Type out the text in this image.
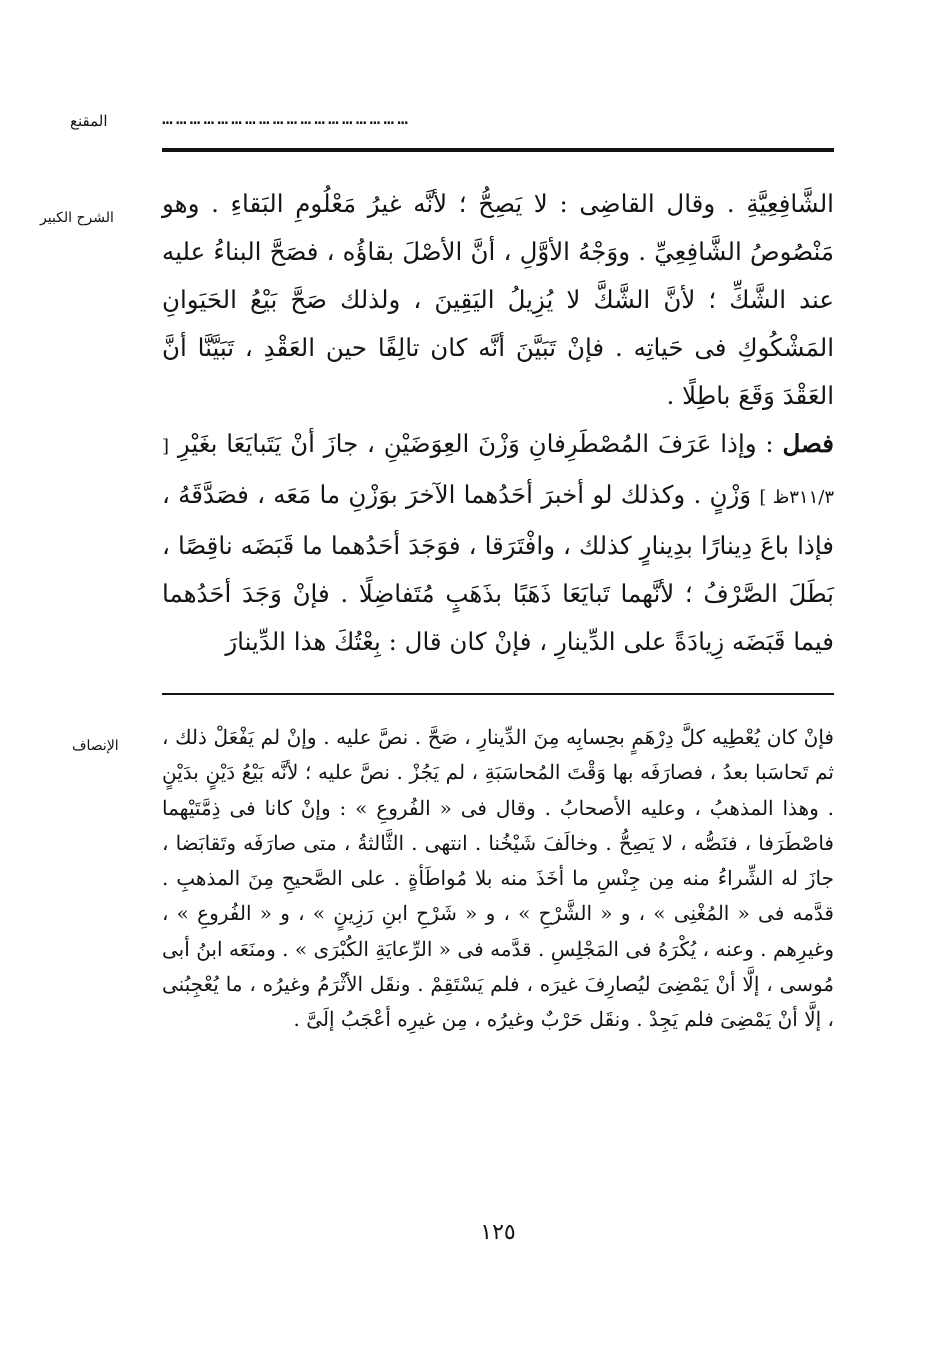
المقنع	………………………………………………
الشرح الكبير	الشَّافِعِيَّةِ . وقال القاضِى : لا يَصِحُّ ؛ لأنَّه غيرُ مَعْلُومِ البَقاءِ . وهو مَنْصُوصُ الشَّافِعِيِّ . ووَجْهُ الأوَّلِ ، أنَّ الأصْلَ بقاؤُه ، فصَحَّ البناءُ عليه عند الشَّكِّ ؛ لأنَّ الشَّكَّ لا يُزِيلُ اليَقِينَ ، ولذلك صَحَّ بَيْعُ الحَيَوانِ المَشْكُوكِ فى حَياتِه . فإنْ تَبَيَّنَ أنَّه كان تالِفًا حين العَقْدِ ، تَبَيَّنَّا أنَّ العَقْدَ وَقَعَ باطِلًا .

فصل : وإذا عَرَفَ المُصْطَرِفانِ وَزْنَ العِوَضَيْنِ ، جازَ أنْ يَتَبايَعَا بغَيْرِ [ ٣١١/٣ظ ] وَزْنٍ . وكذلك لو أخبرَ أحَدُهما الآخرَ بوَزْنِ ما مَعَه ، فصَدَّقَهُ ، فإذا باعَ دِينارًا بدِينارٍ كذلك ، وافْتَرَقا ، فوَجَدَ أحَدُهما ما قَبَضَه ناقِصًا ، بَطَلَ الصَّرْفُ ؛ لأنَّهما تَبايَعَا ذَهَبًا بذَهَبٍ مُتَفاضِلًا . فإنْ وَجَدَ أحَدُهما فيما قَبَضَه زِيادَةً على الدِّينارِ ، فإنْ كان قال : بِعْتُكَ هذا الدِّينارَ

الإنصاف	فإنْ كان يُعْطِيه كلَّ دِرْهَمٍ بحِسابِه مِنَ الدِّينارِ ، صَحَّ . نصَّ عليه . وإنْ لم يَفْعَلْ ذلك ، ثم تَحاسَبا بعدُ ، فصارَفَه بها وَقْتَ المُحاسَبَةِ ، لم يَجُزْ . نصَّ عليه ؛ لأنَّه بَيْعُ دَيْنٍ بدَيْنٍ . وهذا المذهبُ ، وعليه الأصحابُ . وقال فى « الفُروعِ » : وإنْ كانا فى ذِمَّتَيْهما فاصْطَرَفا ، فنَصُّه ، لا يَصِحُّ . وخالَفَ شَيْخُنا . انتهى . الثَّالثةُ ، متى صارَفَه وتَقابَضا ، جازَ له الشِّراءُ منه مِن جِنْسِ ما أخَذَ منه بلا مُواطَأةٍ . على الصَّحيحِ مِنَ المذهبِ . قدَّمه فى « المُغْنِى » ، و « الشَّرْحِ » ، و « شَرْحِ ابنِ رَزِينٍ » ، و « الفُروعِ » ، وغيرِهم . وعنه ، يُكْرَهُ فى المَجْلِسِ . قدَّمه فى « الرِّعايَةِ الكُبْرَى » . ومنَعَه ابنُ أبى مُوسى ، إلَّا أنْ يَمْضِىَ ليُصارِفَ غيرَه ، فلم يَسْتَقِمْ . ونقَل الأثْرَمُ وغيرُه ، ما يُعْجِبُنى ، إلَّا أنْ يَمْضِىَ فلم يَجِدْ . ونقَل حَرْبٌ وغيرُه ، مِن غيرِه أعْجَبُ إلَىَّ .

١٢٥
